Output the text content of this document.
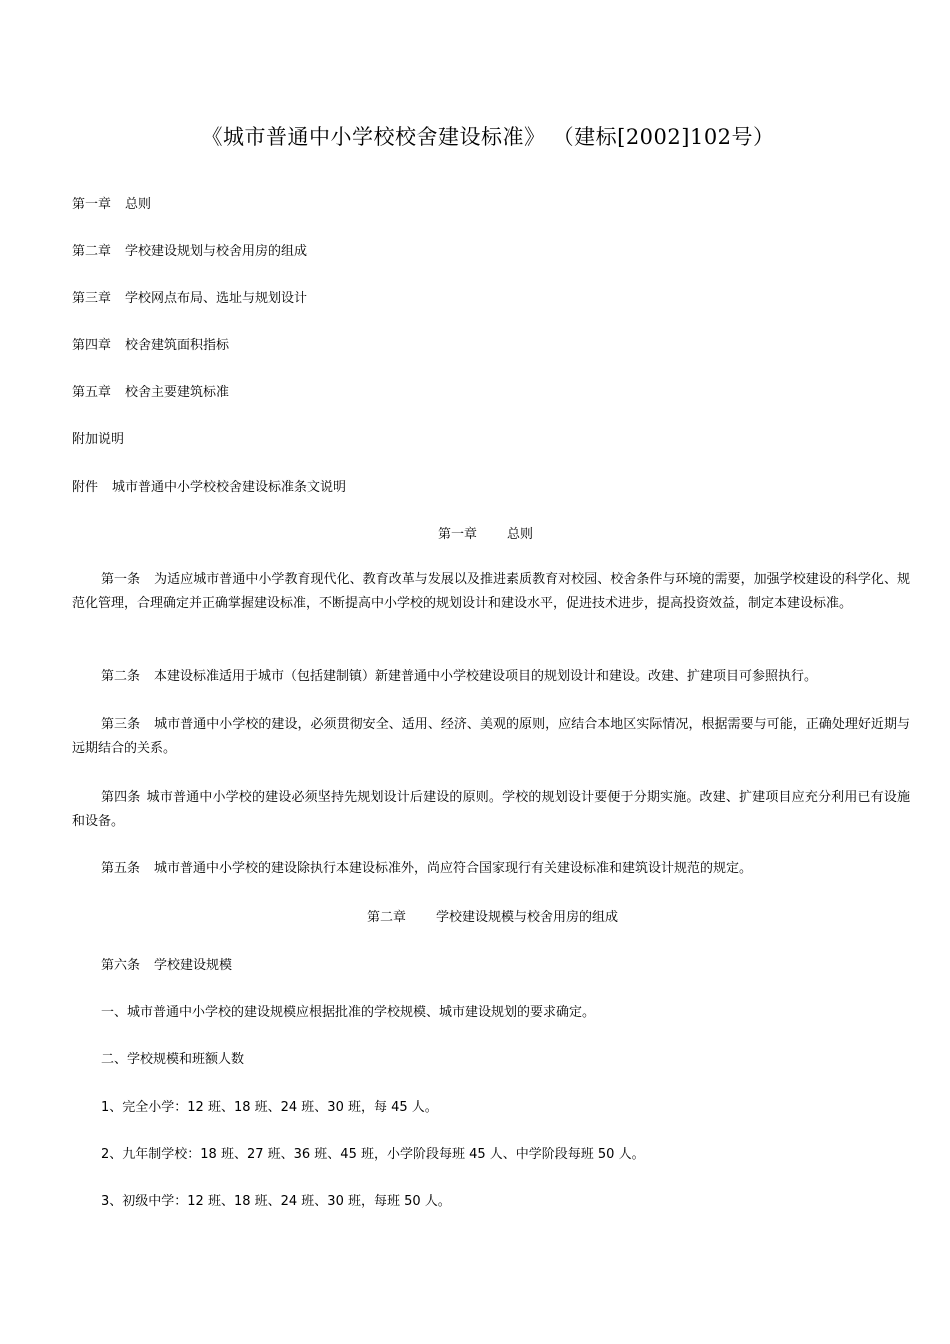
《城市普通中小学校校舍建设标准》 （建标[2002]102号）
第一章 总则
第二章 学校建设规划与校舍用房的组成
第三章 学校网点布局、选址与规划设计
第四章 校舍建筑面积指标
第五章 校舍主要建筑标准
附加说明
附件 城市普通中小学校校舍建设标准条文说明
第一章 总则
第一条 为适应城市普通中小学教育现代化、教育改革与发展以及推进素质教育对校园、校舍条件与环境的需要，加强学校建设的科学化、规范化管理，合理确定并正确掌握建设标准，不断提高中小学校的规划设计和建设水平，促进技术进步，提高投资效益，制定本建设标准。
第二条 本建设标准适用于城市（包括建制镇）新建普通中小学校建设项目的规划设计和建设。改建、扩建项目可参照执行。
第三条 城市普通中小学校的建设，必须贯彻安全、适用、经济、美观的原则，应结合本地区实际情况，根据需要与可能，正确处理好近期与远期结合的关系。
第四条 城市普通中小学校的建设必须坚持先规划设计后建设的原则。学校的规划设计要便于分期实施。改建、扩建项目应充分利用已有设施和设备。
第五条 城市普通中小学校的建设除执行本建设标准外，尚应符合国家现行有关建设标准和建筑设计规范的规定。
第二章 学校建设规模与校舍用房的组成
第六条 学校建设规模
一、城市普通中小学校的建设规模应根据批准的学校规模、城市建设规划的要求确定。
二、学校规模和班额人数
1、完全小学：12 班、18 班、24 班、30 班，每 45 人。
2、九年制学校：18 班、27 班、36 班、45 班，小学阶段每班 45 人、中学阶段每班 50 人。
3、初级中学：12 班、18 班、24 班、30 班，每班 50 人。
